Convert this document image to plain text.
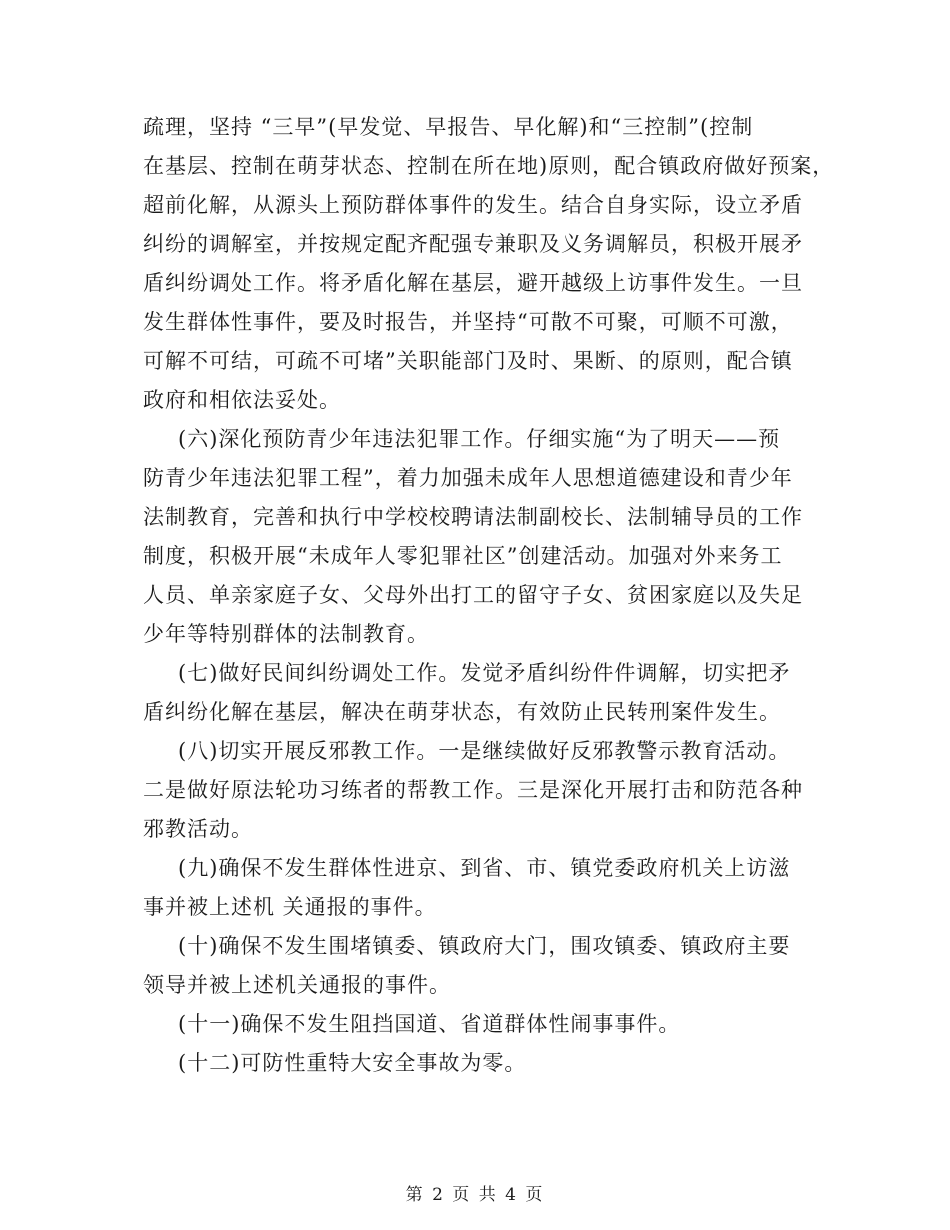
疏理，坚持 “三早”(早发觉、早报告、早化解)和“三控制”(控制
在基层、控制在萌芽状态、控制在所在地)原则，配合镇政府做好预案，
超前化解，从源头上预防群体事件的发生。结合自身实际，设立矛盾
纠纷的调解室，并按规定配齐配强专兼职及义务调解员，积极开展矛
盾纠纷调处工作。将矛盾化解在基层，避开越级上访事件发生。一旦
发生群体性事件，要及时报告，并坚持“可散不可聚，可顺不可激，
可解不可结，可疏不可堵”关职能部门及时、果断、的原则，配合镇
政府和相依法妥处。
(六)深化预防青少年违法犯罪工作。仔细实施“为了明天——预
防青少年违法犯罪工程”，着力加强未成年人思想道德建设和青少年
法制教育，完善和执行中学校校聘请法制副校长、法制辅导员的工作
制度，积极开展“未成年人零犯罪社区”创建活动。加强对外来务工
人员、单亲家庭子女、父母外出打工的留守子女、贫困家庭以及失足
少年等特别群体的法制教育。
(七)做好民间纠纷调处工作。发觉矛盾纠纷件件调解，切实把矛
盾纠纷化解在基层，解决在萌芽状态，有效防止民转刑案件发生。
(八)切实开展反邪教工作。一是继续做好反邪教警示教育活动。
二是做好原法轮功习练者的帮教工作。三是深化开展打击和防范各种
邪教活动。
(九)确保不发生群体性进京、到省、市、镇党委政府机关上访滋
事并被上述机 关通报的事件。
(十)确保不发生围堵镇委、镇政府大门，围攻镇委、镇政府主要
领导并被上述机关通报的事件。
(十一)确保不发生阻挡国道、省道群体性闹事事件。
(十二)可防性重特大安全事故为零。
第 2 页 共 4 页
